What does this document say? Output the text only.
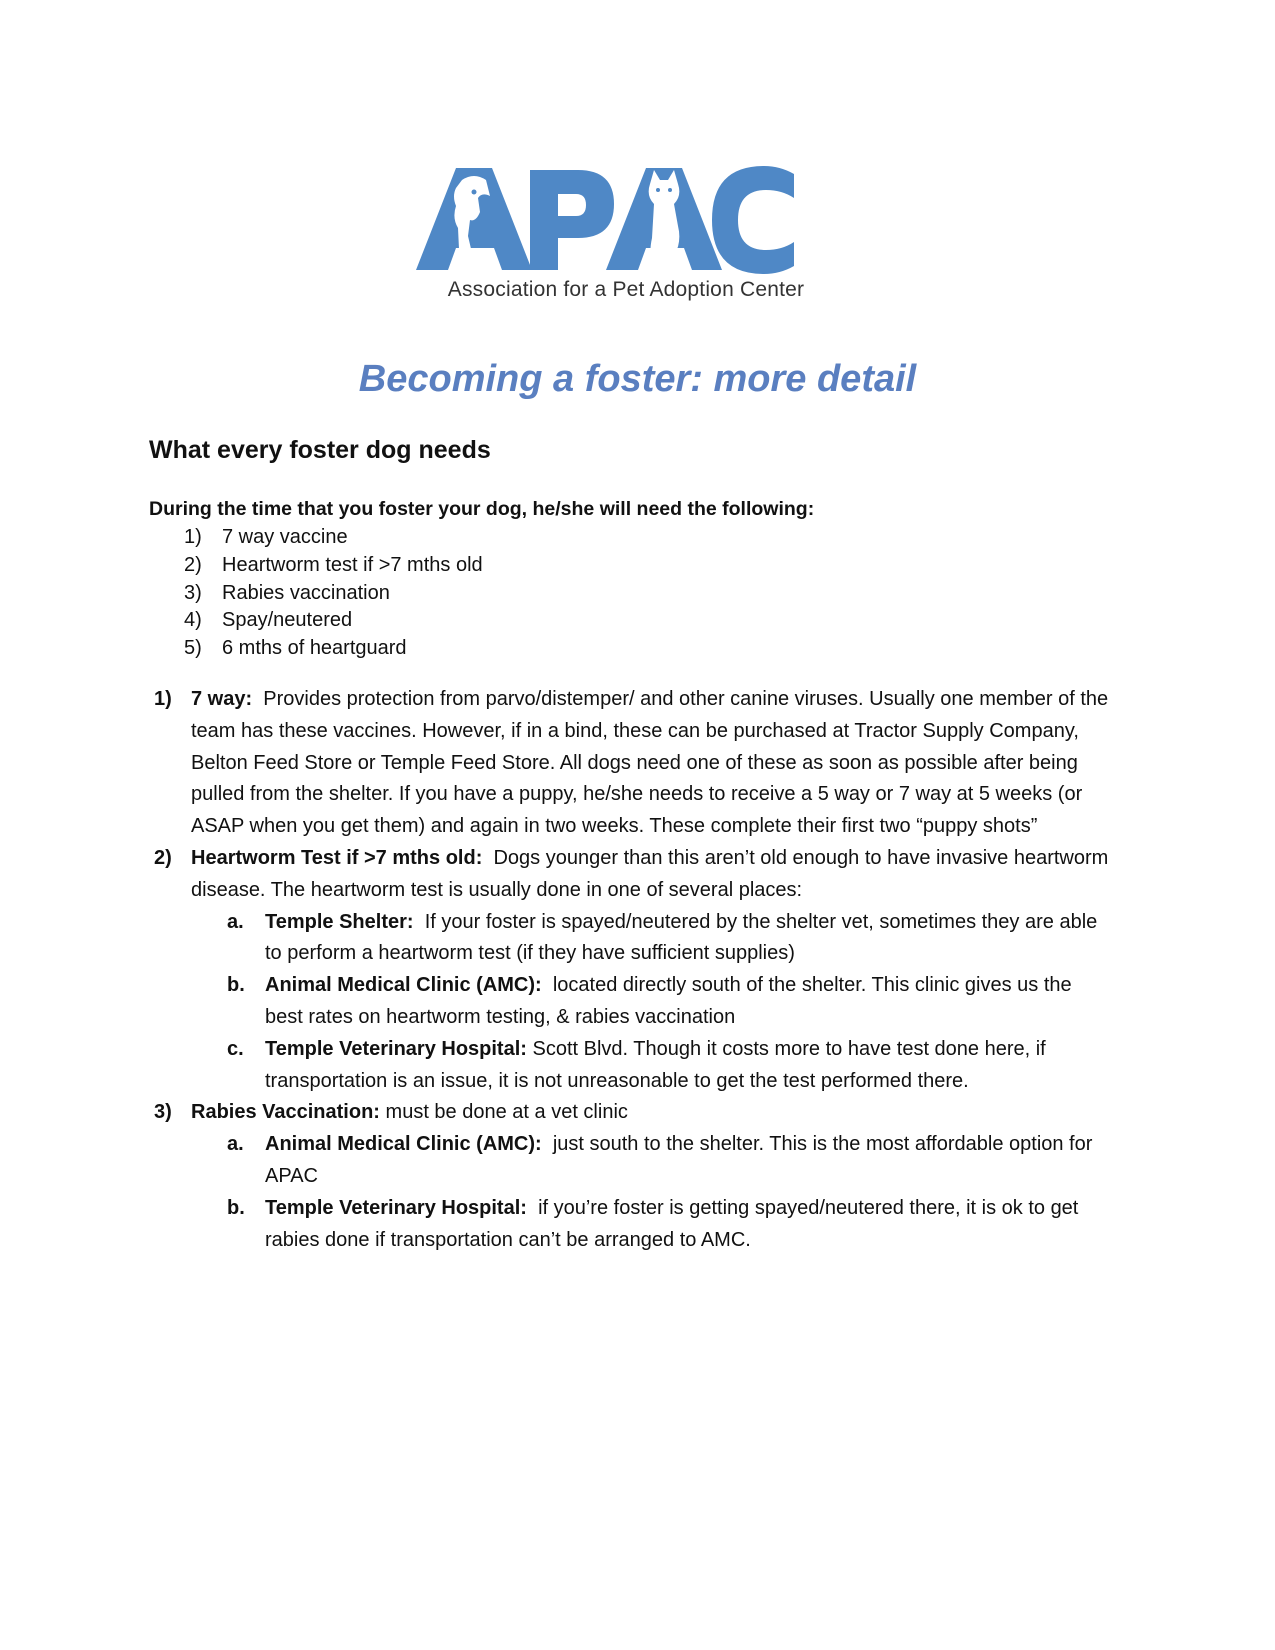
Association for a Pet Adoption Center
Becoming a foster: more detail
What every foster dog needs
During the time that you foster your dog, he/she will need the following:
1) 7 way vaccine
2) Heartworm test if >7 mths old
3) Rabies vaccination
4) Spay/neutered
5) 6 mths of heartguard
1) 7 way: Provides protection from parvo/distemper/ and other canine viruses. Usually one member of the team has these vaccines. However, if in a bind, these can be purchased at Tractor Supply Company, Belton Feed Store or Temple Feed Store. All dogs need one of these as soon as possible after being pulled from the shelter. If you have a puppy, he/she needs to receive a 5 way or 7 way at 5 weeks (or ASAP when you get them) and again in two weeks. These complete their first two “puppy shots”
2) Heartworm Test if >7 mths old: Dogs younger than this aren’t old enough to have invasive heartworm disease. The heartworm test is usually done in one of several places:
a. Temple Shelter: If your foster is spayed/neutered by the shelter vet, sometimes they are able to perform a heartworm test (if they have sufficient supplies)
b. Animal Medical Clinic (AMC): located directly south of the shelter. This clinic gives us the best rates on heartworm testing, & rabies vaccination
c. Temple Veterinary Hospital: Scott Blvd. Though it costs more to have test done here, if transportation is an issue, it is not unreasonable to get the test performed there.
3) Rabies Vaccination: must be done at a vet clinic
a. Animal Medical Clinic (AMC): just south to the shelter. This is the most affordable option for APAC
b. Temple Veterinary Hospital: if you’re foster is getting spayed/neutered there, it is ok to get rabies done if transportation can’t be arranged to AMC.
